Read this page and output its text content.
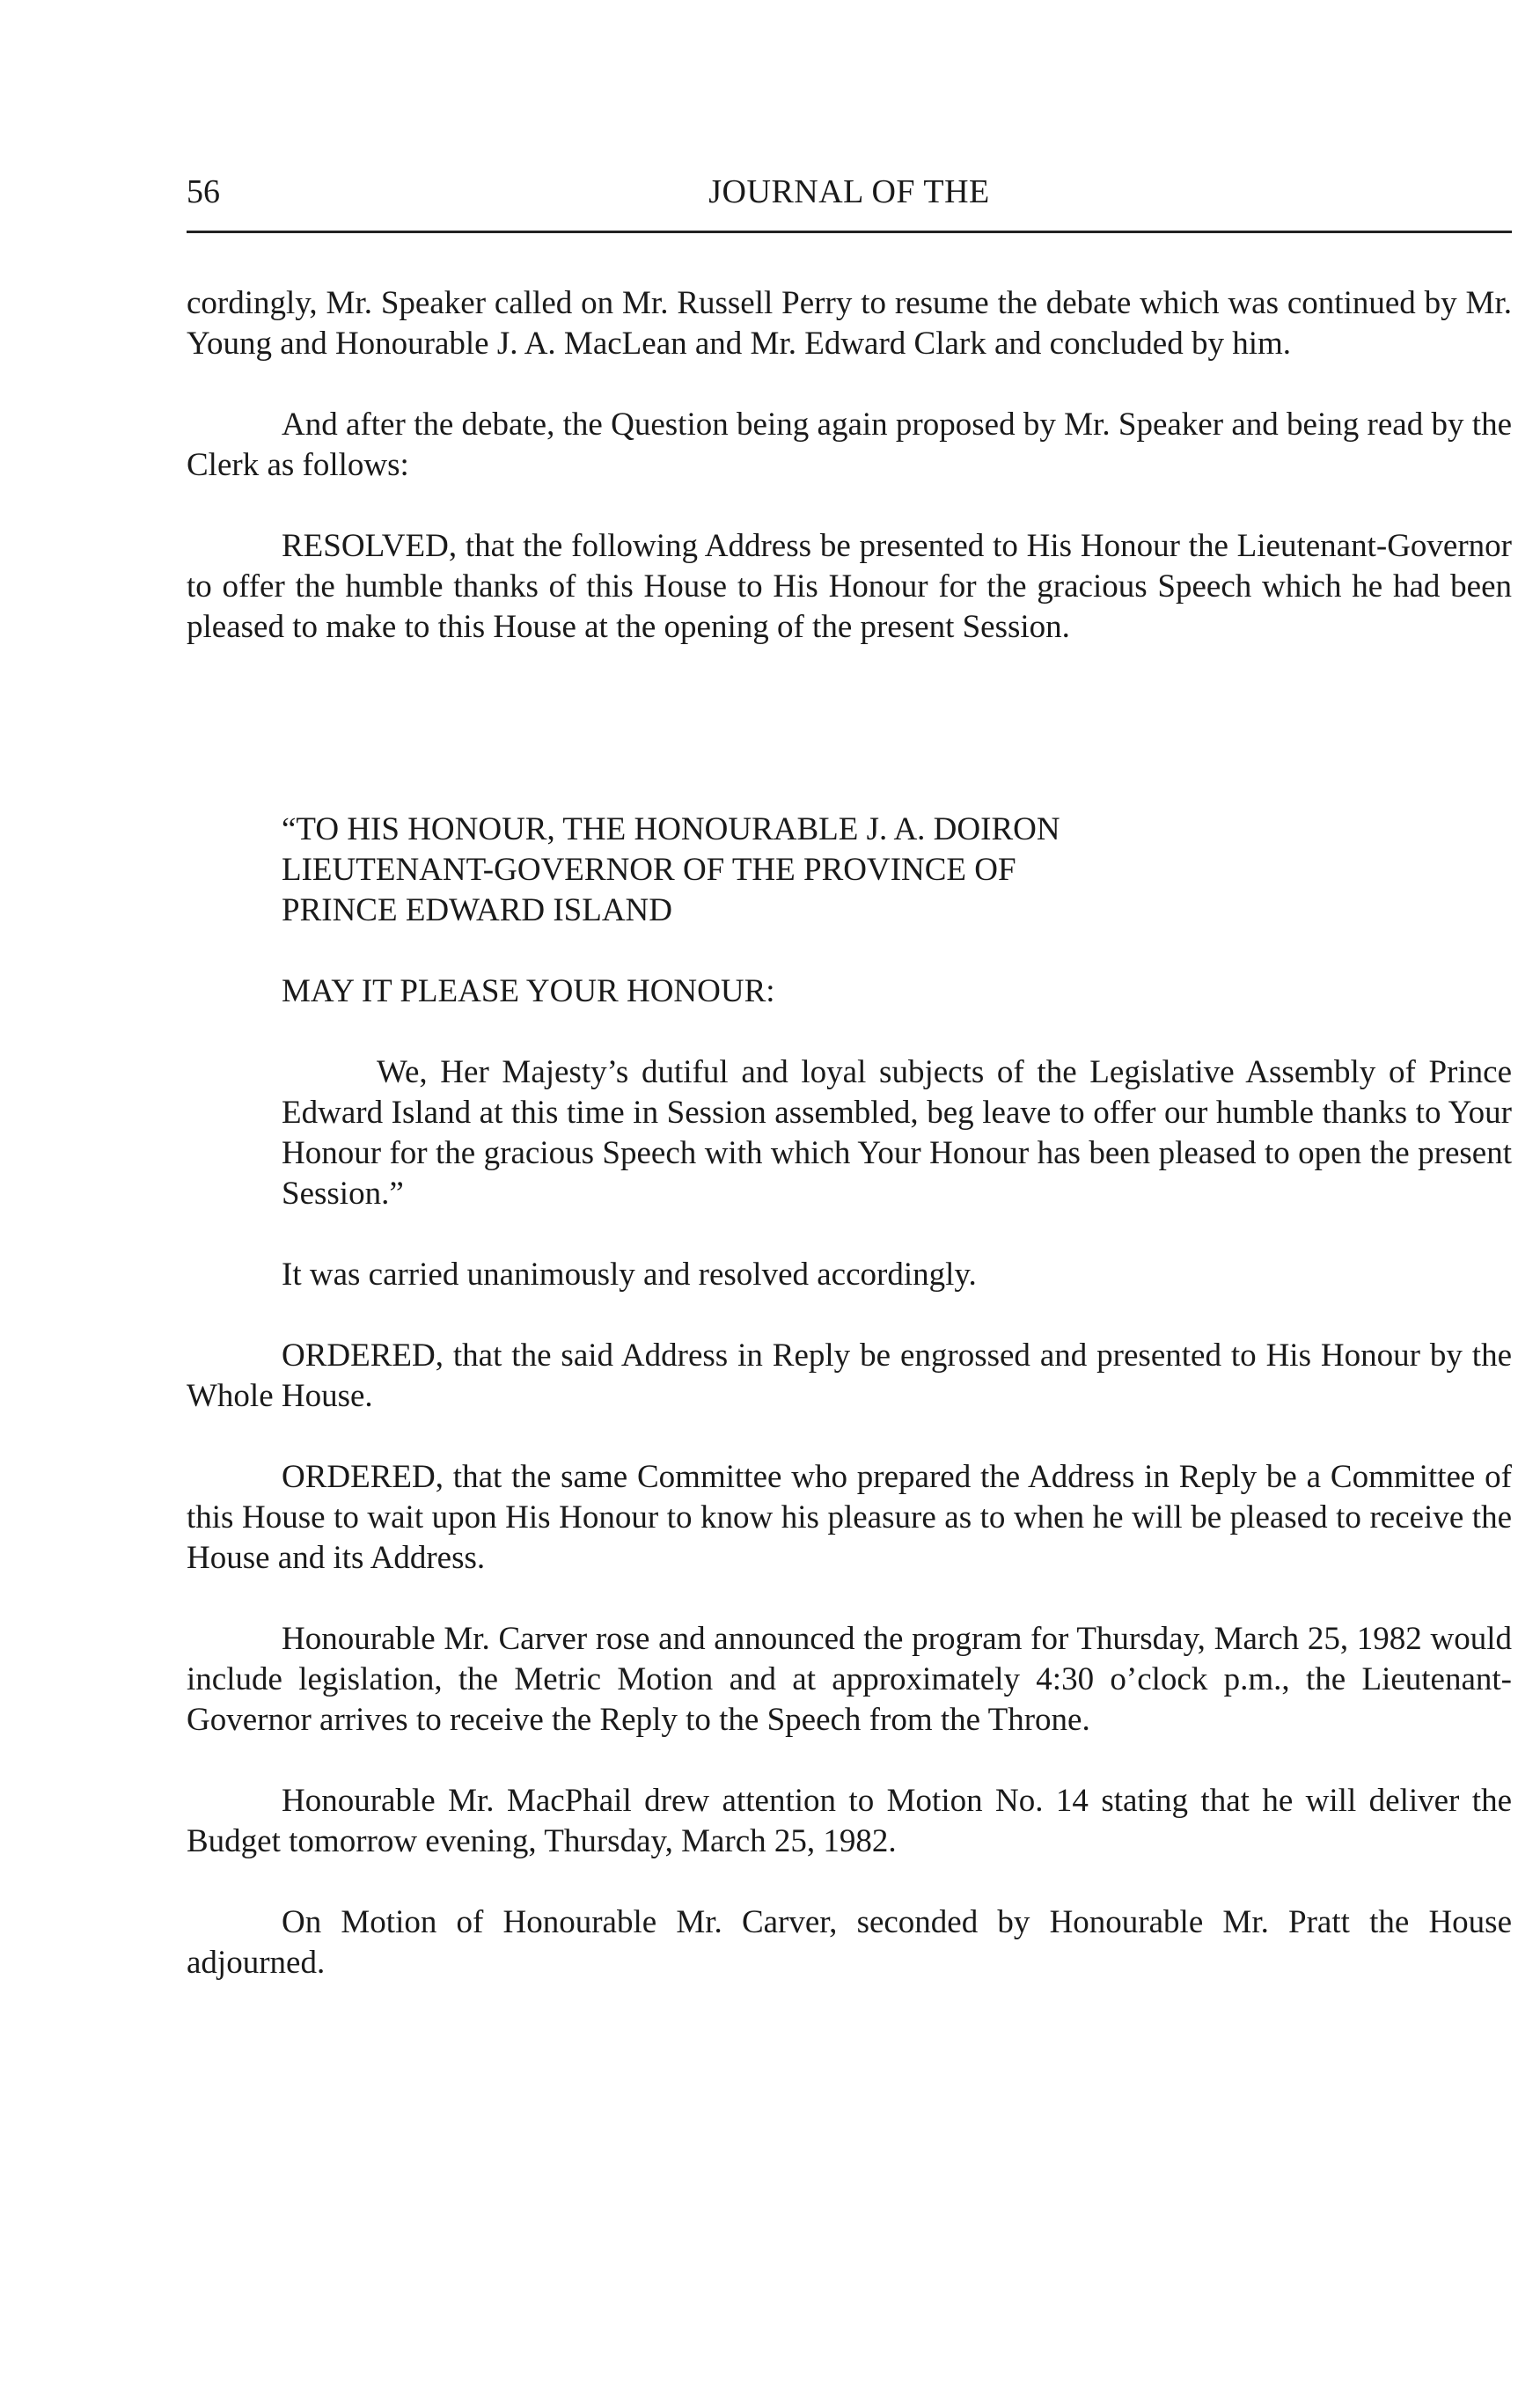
56	JOURNAL OF THE

cordingly, Mr. Speaker called on Mr. Russell Perry to resume the debate which was continued by Mr. Young and Honourable J. A. MacLean and Mr. Edward Clark and concluded by him.

And after the debate, the Question being again proposed by Mr. Speaker and being read by the Clerk as follows:

RESOLVED, that the following Address be presented to His Honour the Lieutenant-Governor to offer the humble thanks of this House to His Honour for the gracious Speech which he had been pleased to make to this House at the opening of the present Session.

“TO HIS HONOUR, THE HONOURABLE J. A. DOIRON
LIEUTENANT-GOVERNOR OF THE PROVINCE OF
PRINCE EDWARD ISLAND

MAY IT PLEASE YOUR HONOUR:

We, Her Majesty’s dutiful and loyal subjects of the Legislative Assembly of Prince Edward Island at this time in Session assembled, beg leave to offer our humble thanks to Your Honour for the gracious Speech with which Your Honour has been pleased to open the present Session.”

It was carried unanimously and resolved accordingly.

ORDERED, that the said Address in Reply be engrossed and presented to His Honour by the Whole House.

ORDERED, that the same Committee who prepared the Address in Reply be a Committee of this House to wait upon His Honour to know his pleasure as to when he will be pleased to receive the House and its Address.

Honourable Mr. Carver rose and announced the program for Thursday, March 25, 1982 would include legislation, the Metric Motion and at approximately 4:30 o’clock p.m., the Lieutenant-Governor arrives to receive the Reply to the Speech from the Throne.

Honourable Mr. MacPhail drew attention to Motion No. 14 stating that he will deliver the Budget tomorrow evening, Thursday, March 25, 1982.

On Motion of Honourable Mr. Carver, seconded by Honourable Mr. Pratt the House adjourned.
